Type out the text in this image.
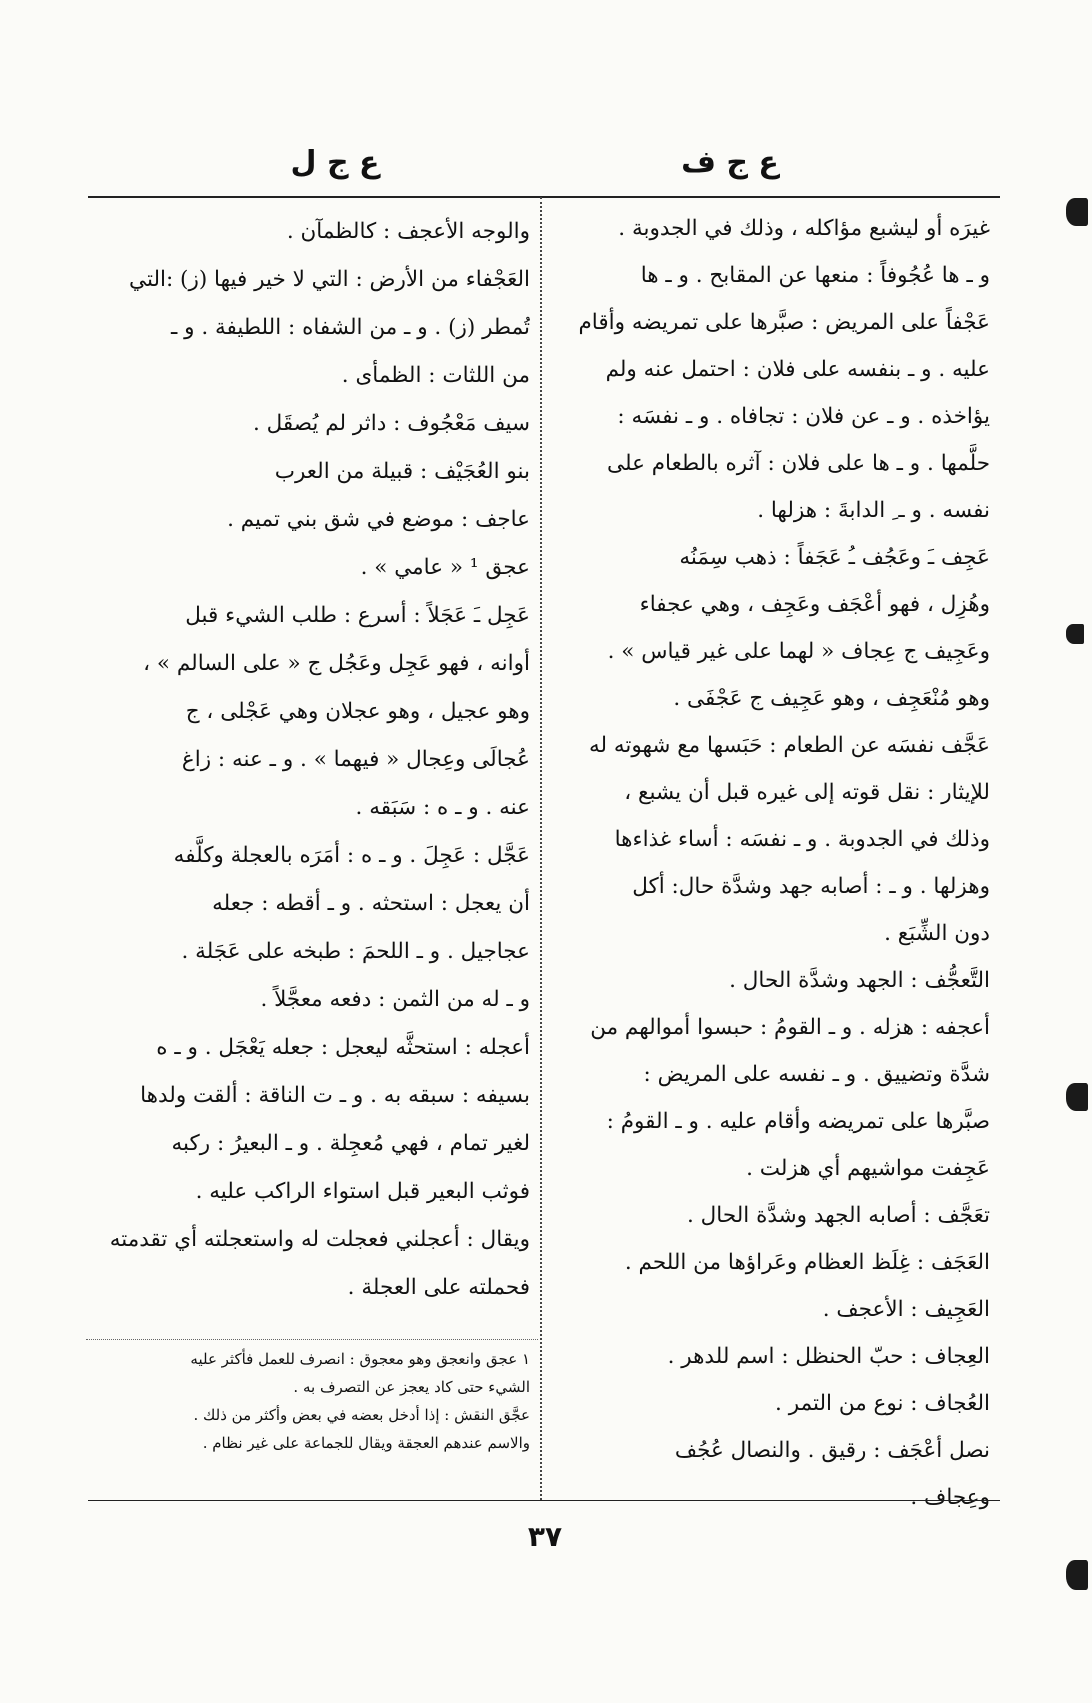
ع ج ف
ع ج ل
غيرَه أو ليشبع مؤاكله ، وذلك في الجدوبة .
و ـ ها عُجُوفاً : منعها عن المقابح . و ـ ها
عَجْفاً على المريض : صبَّرها على تمريضه وأقام
عليه . و ـ بنفسه على فلان : احتمل عنه ولم
يؤاخذه . و ـ عن فلان : تجافاه . و ـ نفسَه :
حلَّمها . و ـ ها على فلان : آثره بالطعام على
نفسه . و ـ ِ الدابةَ : هزلها .
عَجِف ـَ وعَجُف ـُ عَجَفاً : ذهب سِمَنُه
وهُزِل ، فهو أعْجَف وعَجِف ، وهي عجفاء
وعَجِيف ج عِجاف « لهما على غير قياس » .
وهو مُنْعَجِف ، وهو عَجِيف ج عَجْفَى .
عَجَّف نفسَه عن الطعام : حَبَسها مع شهوته له
للإيثار : نقل قوته إلى غيره قبل أن يشبع ،
وذلك في الجدوبة . و ـ نفسَه : أساء غذاءها
وهزلها . و ـ : أصابه جهد وشدَّة حال: أكل
دون الشِّبَع .
التَّعجُّف : الجهد وشدَّة الحال .
أعجفه : هزله . و ـ القومُ : حبسوا أموالهم من
شدَّة وتضييق . و ـ نفسه على المريض :
صبَّرها على تمريضه وأقام عليه . و ـ القومُ :
عَجِفت مواشيهم أي هزلت .
تعَجَّف : أصابه الجهد وشدَّة الحال .
العَجَف : غِلَظ العظام وعَراؤها من اللحم .
العَجِيف : الأعجف .
العِجاف : حبّ الحنظل : اسم للدهر .
العُجاف : نوع من التمر .
نصل أعْجَف : رقيق . والنصال عُجُف
وعِجاف .
والوجه الأعجف : كالظمآن .
العَجْفاء من الأرض : التي لا خير فيها (ز) :التي
تُمطر (ز) . و ـ من الشفاه : اللطيفة . و ـ
من اللثات : الظمأى .
سيف مَعْجُوف : داثر لم يُصقَل .
بنو العُجَيْف : قبيلة من العرب
عاجف : موضع في شق بني تميم .
عجق ¹ « عامي » .
عَجِل ـَ عَجَلاً : أسرع : طلب الشيء قبل
أوانه ، فهو عَجِل وعَجُل ج « على السالم » ،
وهو عجيل ، وهو عجلان وهي عَجْلى ، ج
عُجالَى وعِجال « فيهما » . و ـ عنه : زاغ
عنه . و ـ ه : سَبَقه .
عَجَّل : عَجِلَ . و ـ ه : أمَرَه بالعجلة وكلَّفه
أن يعجل : استحثه . و ـ أقطه : جعله
عجاجيل . و ـ اللحمَ : طبخه على عَجَلة .
و ـ له من الثمن : دفعه معجَّلاً .
أعجله : استحثَّه ليعجل : جعله يَعْجَل . و ـ ه
بسيفه : سبقه به . و ـ ت الناقة : ألقت ولدها
لغير تمام ، فهي مُعجِلة . و ـ البعيرُ : ركبه
فوثب البعير قبل استواء الراكب عليه .
ويقال : أعجلني فعجلت له واستعجلته أي تقدمته
فحملته على العجلة .
١ عجق وانعجق وهو معجوق : انصرف للعمل فأكثر عليه
الشيء حتى كاد يعجز عن التصرف به .
عجَّق النقش : إذا أدخل بعضه في بعض وأكثر من ذلك .
والاسم عندهم العجقة ويقال للجماعة على غير نظام .
٣٧
